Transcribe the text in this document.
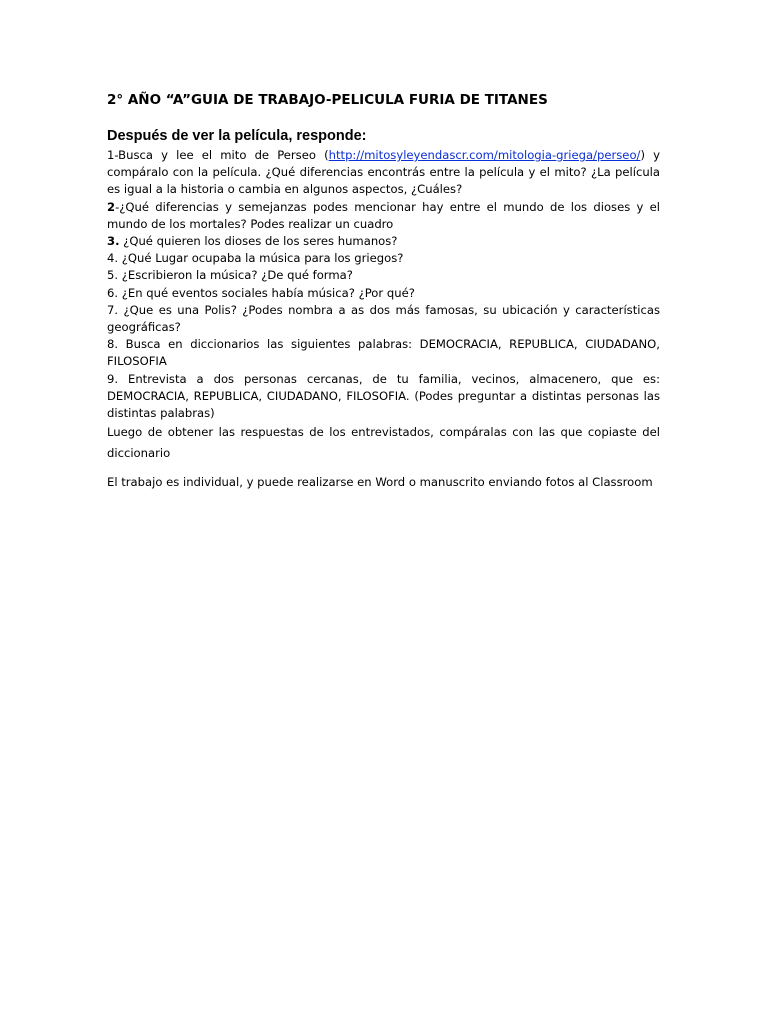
2° AÑO “A”GUIA DE TRABAJO-PELICULA FURIA DE TITANES
Después de ver la película, responde:

1-Busca y lee el mito de Perseo (http://mitosyleyendascr.com/mitologia-griega/perseo/) y compáralo con la película. ¿Qué diferencias encontrás entre la película y el mito? ¿La película es igual a la historia o cambia en algunos aspectos, ¿Cuáles?

2-¿Qué diferencias y semejanzas podes mencionar hay entre el mundo de los dioses y el mundo de los mortales? Podes realizar un cuadro

3. ¿Qué quieren los dioses de los seres humanos?

4. ¿Qué Lugar ocupaba la música para los griegos?

5. ¿Escribieron la música? ¿De qué forma?

6. ¿En qué eventos sociales había música? ¿Por qué?

7. ¿Que es una Polis? ¿Podes nombra a as dos más famosas, su ubicación y características geográficas?

8. Busca en diccionarios las siguientes palabras: DEMOCRACIA, REPUBLICA, CIUDADANO, FILOSOFIA

9. Entrevista a dos personas cercanas, de tu familia, vecinos, almacenero, que es: DEMOCRACIA, REPUBLICA, CIUDADANO, FILOSOFIA. (Podes preguntar a distintas personas las distintas palabras)

Luego de obtener las respuestas de los entrevistados, compáralas con las que copiaste del diccionario

El trabajo es individual, y puede realizarse en Word o manuscrito enviando fotos al Classroom
